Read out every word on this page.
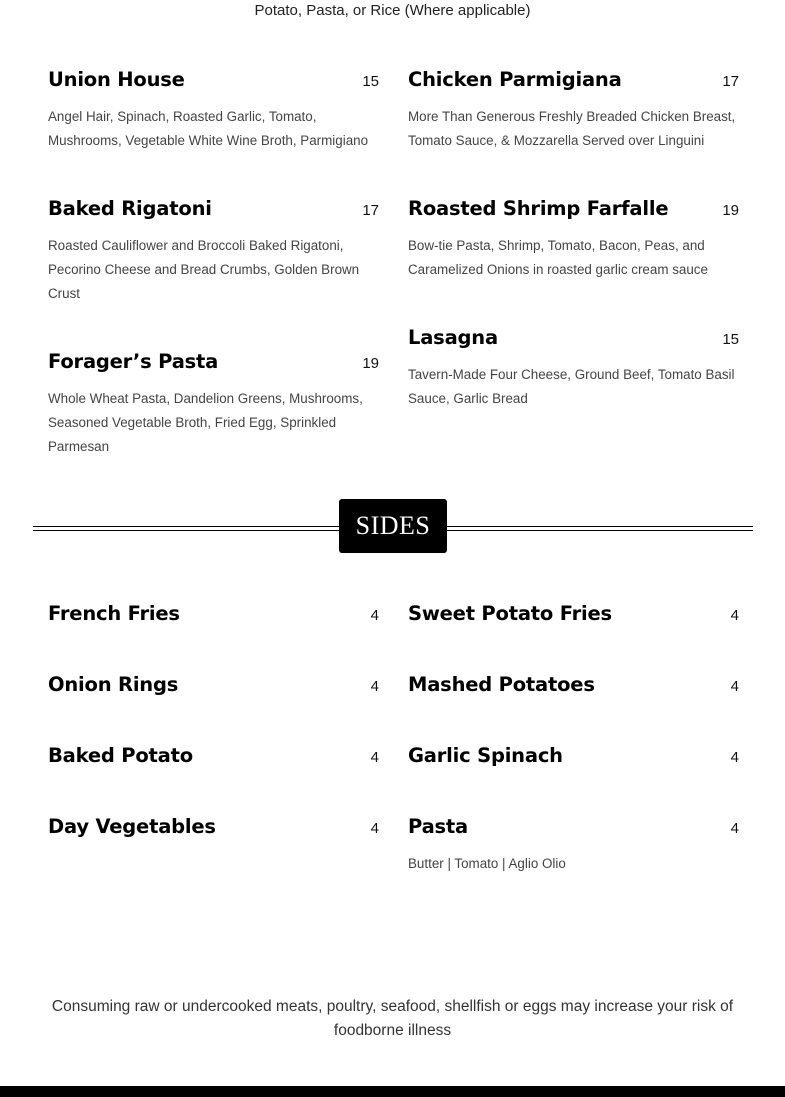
Potato, Pasta, or Rice (Where applicable)
Union House	15
Angel Hair, Spinach, Roasted Garlic, Tomato, Mushrooms, Vegetable White Wine Broth, Parmigiano
Baked Rigatoni	17
Roasted Cauliflower and Broccoli Baked Rigatoni, Pecorino Cheese and Bread Crumbs, Golden Brown Crust
Forager’s Pasta	19
Whole Wheat Pasta, Dandelion Greens, Mushrooms, Seasoned Vegetable Broth, Fried Egg, Sprinkled Parmesan
Chicken Parmigiana	17
More Than Generous Freshly Breaded Chicken Breast, Tomato Sauce, & Mozzarella Served over Linguini
Roasted Shrimp Farfalle	19
Bow-tie Pasta, Shrimp, Tomato, Bacon, Peas, and Caramelized Onions in roasted garlic cream sauce
Lasagna	15
Tavern-Made Four Cheese, Ground Beef, Tomato Basil Sauce, Garlic Bread
SIDES
French Fries	4
Onion Rings	4
Baked Potato	4
Day Vegetables	4
Sweet Potato Fries	4
Mashed Potatoes	4
Garlic Spinach	4
Pasta	4
Butter | Tomato | Aglio Olio
Consuming raw or undercooked meats, poultry, seafood, shellfish or eggs may increase your risk of foodborne illness
